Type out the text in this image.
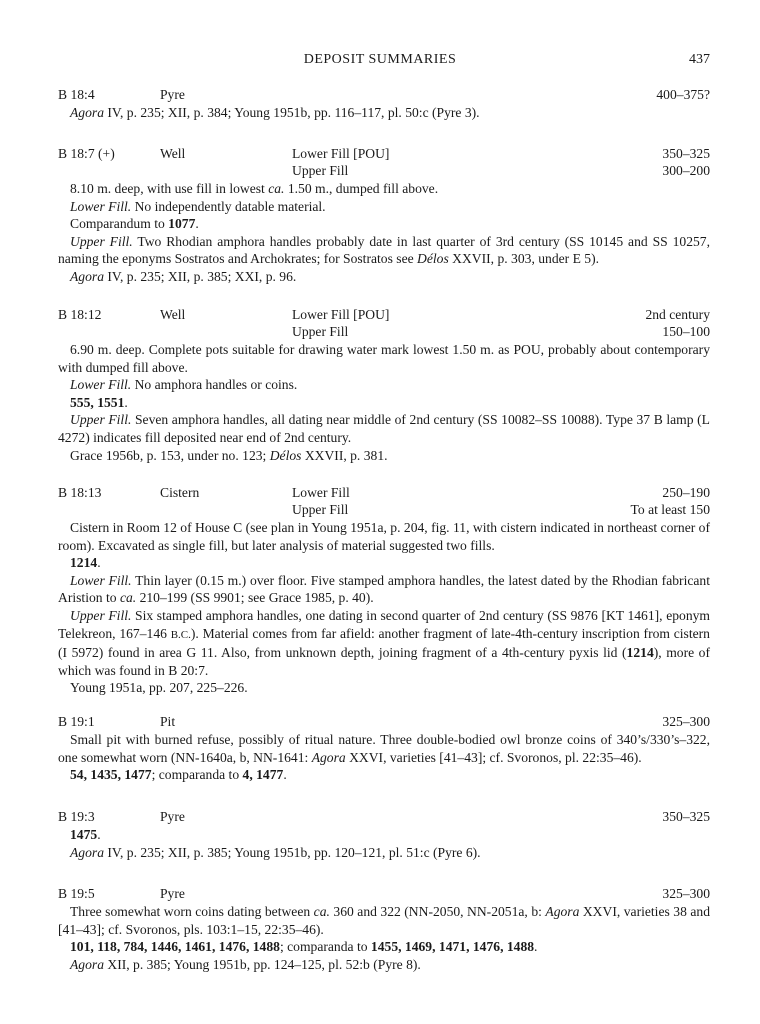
DEPOSIT SUMMARIES	437
B 18:4	Pyre	400–375?
Agora IV, p. 235; XII, p. 384; Young 1951b, pp. 116–117, pl. 50:c (Pyre 3).
B 18:7 (+)	Well	Lower Fill [POU]	350–325
Upper Fill	300–200
8.10 m. deep, with use fill in lowest ca. 1.50 m., dumped fill above.
Lower Fill. No independently datable material.
Comparandum to 1077.
Upper Fill. Two Rhodian amphora handles probably date in last quarter of 3rd century (SS 10145 and SS 10257, naming the eponyms Sostratos and Archokrates; for Sostratos see Délos XXVII, p. 303, under E 5).
Agora IV, p. 235; XII, p. 385; XXI, p. 96.
B 18:12	Well	Lower Fill [POU]	2nd century
Upper Fill	150–100
6.90 m. deep. Complete pots suitable for drawing water mark lowest 1.50 m. as POU, probably about contemporary with dumped fill above.
Lower Fill. No amphora handles or coins.
555, 1551.
Upper Fill. Seven amphora handles, all dating near middle of 2nd century (SS 10082–SS 10088). Type 37 B lamp (L 4272) indicates fill deposited near end of 2nd century.
Grace 1956b, p. 153, under no. 123; Délos XXVII, p. 381.
B 18:13	Cistern	Lower Fill	250–190
Upper Fill	To at least 150
Cistern in Room 12 of House C (see plan in Young 1951a, p. 204, fig. 11, with cistern indicated in northeast corner of room). Excavated as single fill, but later analysis of material suggested two fills.
1214.
Lower Fill. Thin layer (0.15 m.) over floor. Five stamped amphora handles, the latest dated by the Rhodian fabricant Aristion to ca. 210–199 (SS 9901; see Grace 1985, p. 40).
Upper Fill. Six stamped amphora handles, one dating in second quarter of 2nd century (SS 9876 [KT 1461], eponym Telekreon, 167–146 B.C.). Material comes from far afield: another fragment of late-4th-century inscription from cistern (I 5972) found in area G 11. Also, from unknown depth, joining fragment of a 4th-century pyxis lid (1214), more of which was found in B 20:7.
Young 1951a, pp. 207, 225–226.
B 19:1	Pit	325–300
Small pit with burned refuse, possibly of ritual nature. Three double-bodied owl bronze coins of 340’s/330’s–322, one somewhat worn (NN-1640a, b, NN-1641: Agora XXVI, varieties [41–43]; cf. Svoronos, pl. 22:35–46).
54, 1435, 1477; comparanda to 4, 1477.
B 19:3	Pyre	350–325
1475.
Agora IV, p. 235; XII, p. 385; Young 1951b, pp. 120–121, pl. 51:c (Pyre 6).
B 19:5	Pyre	325–300
Three somewhat worn coins dating between ca. 360 and 322 (NN-2050, NN-2051a, b: Agora XXVI, varieties 38 and [41–43]; cf. Svoronos, pls. 103:1–15, 22:35–46).
101, 118, 784, 1446, 1461, 1476, 1488; comparanda to 1455, 1469, 1471, 1476, 1488.
Agora XII, p. 385; Young 1951b, pp. 124–125, pl. 52:b (Pyre 8).
